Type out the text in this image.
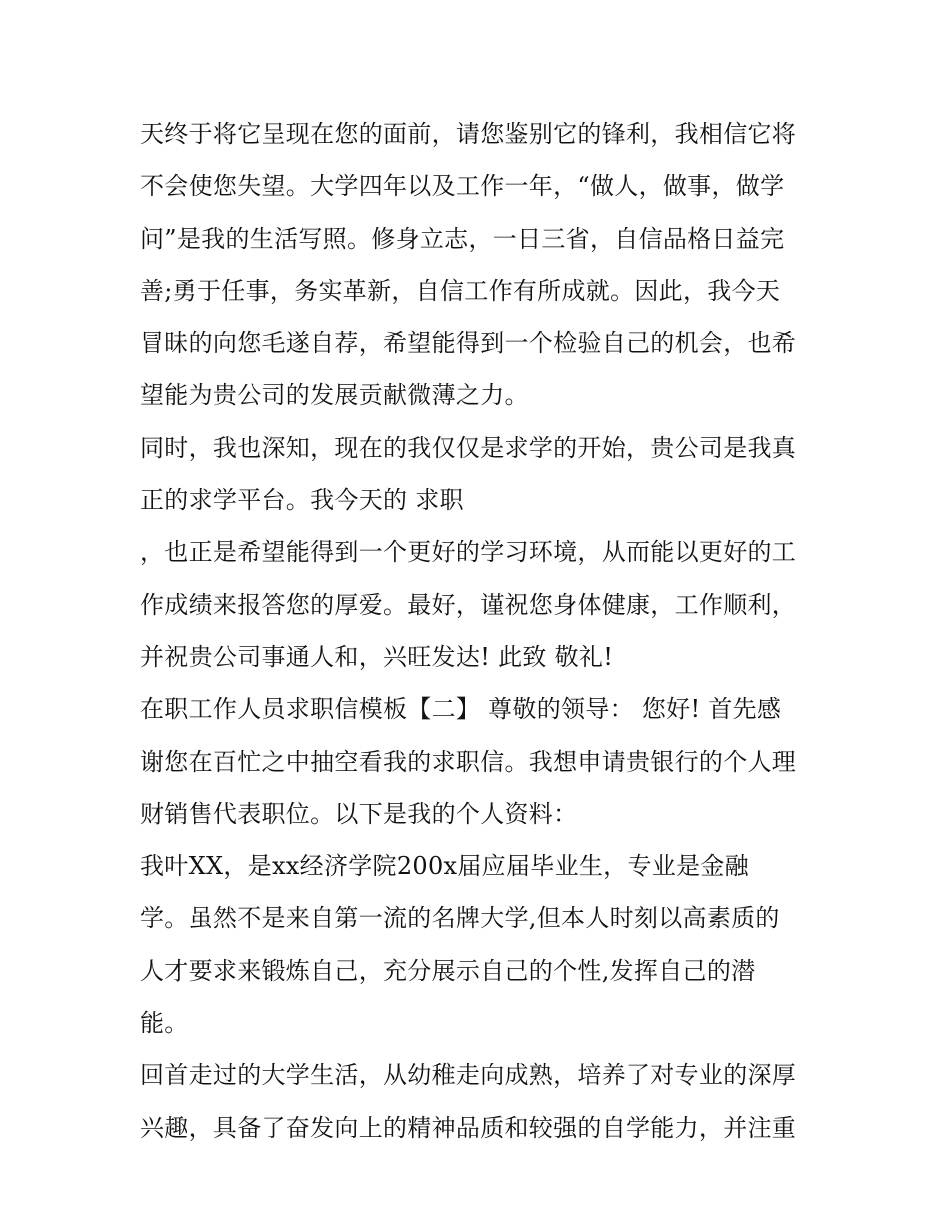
天终于将它呈现在您的面前，请您鉴别它的锋利，我相信它将
不会使您失望。大学四年以及工作一年，“做人，做事，做学
问”是我的生活写照。修身立志，一日三省，自信品格日益完
善;勇于任事，务实革新，自信工作有所成就。因此，我今天
冒昧的向您毛遂自荐，希望能得到一个检验自己的机会，也希
望能为贵公司的发展贡献微薄之力。
同时，我也深知，现在的我仅仅是求学的开始，贵公司是我真
正的求学平台。我今天的 求职
，也正是希望能得到一个更好的学习环境，从而能以更好的工
作成绩来报答您的厚爱。最好，谨祝您身体健康，工作顺利，
并祝贵公司事通人和，兴旺发达! 此致 敬礼!
在职工作人员求职信模板【二】 尊敬的领导： 您好! 首先感
谢您在百忙之中抽空看我的求职信。我想申请贵银行的个人理
财销售代表职位。以下是我的个人资料：
我叶XX，是xx经济学院200x届应届毕业生，专业是金融
学。虽然不是来自第一流的名牌大学,但本人时刻以高素质的
人才要求来锻炼自己，充分展示自己的个性,发挥自己的潜
能。
回首走过的大学生活，从幼稚走向成熟，培养了对专业的深厚
兴趣，具备了奋发向上的精神品质和较强的自学能力，并注重
